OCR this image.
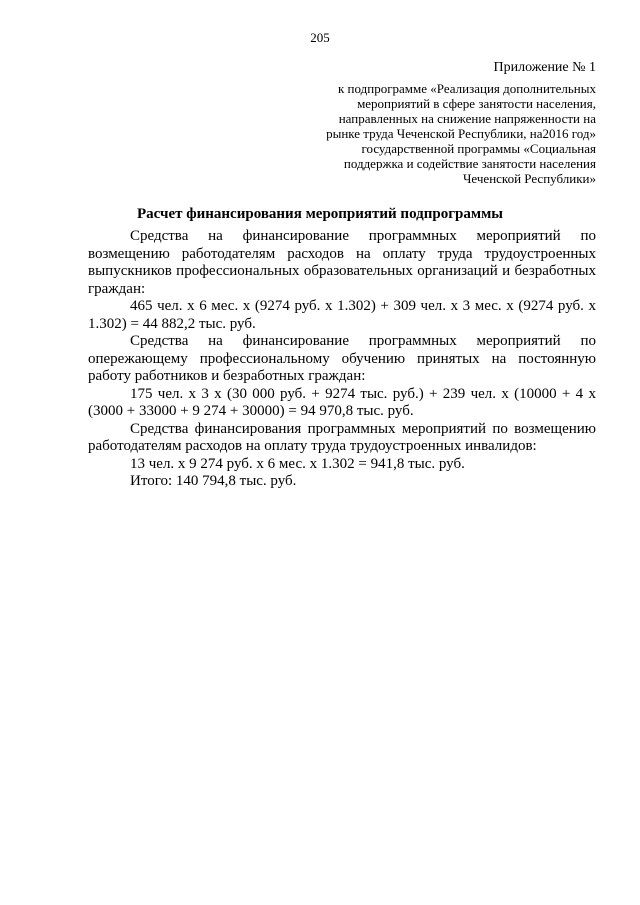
205
Приложение № 1
к подпрограмме «Реализация дополнительных
мероприятий в сфере занятости населения,
направленных на снижение напряженности на
рынке труда Чеченской Республики, на2016 год»
государственной программы «Социальная
поддержка и содействие занятости населения
Чеченской Республики»
Расчет финансирования мероприятий подпрограммы

Средства на финансирование программных мероприятий по возмещению работодателям расходов на оплату труда трудоустроенных выпускников профессиональных образовательных организаций и безработных граждан:

465 чел. х 6 мес. х (9274 руб. х 1.302) + 309 чел. х 3 мес. х (9274 руб. х 1.302) = 44 882,2 тыс. руб.

Средства на финансирование программных мероприятий по опережающему профессиональному обучению принятых на постоянную работу работников и безработных граждан:

175 чел. х 3 х (30 000 руб. + 9274 тыс. руб.) + 239 чел. х (10000 + 4 х (3000 + 33000 + 9 274 + 30000) = 94 970,8 тыс. руб.

Средства финансирования программных мероприятий по возмещению работодателям расходов на оплату труда трудоустроенных инвалидов:

13 чел. х 9 274 руб. х 6 мес. х 1.302 = 941,8 тыс. руб.

Итого: 140 794,8 тыс. руб.
